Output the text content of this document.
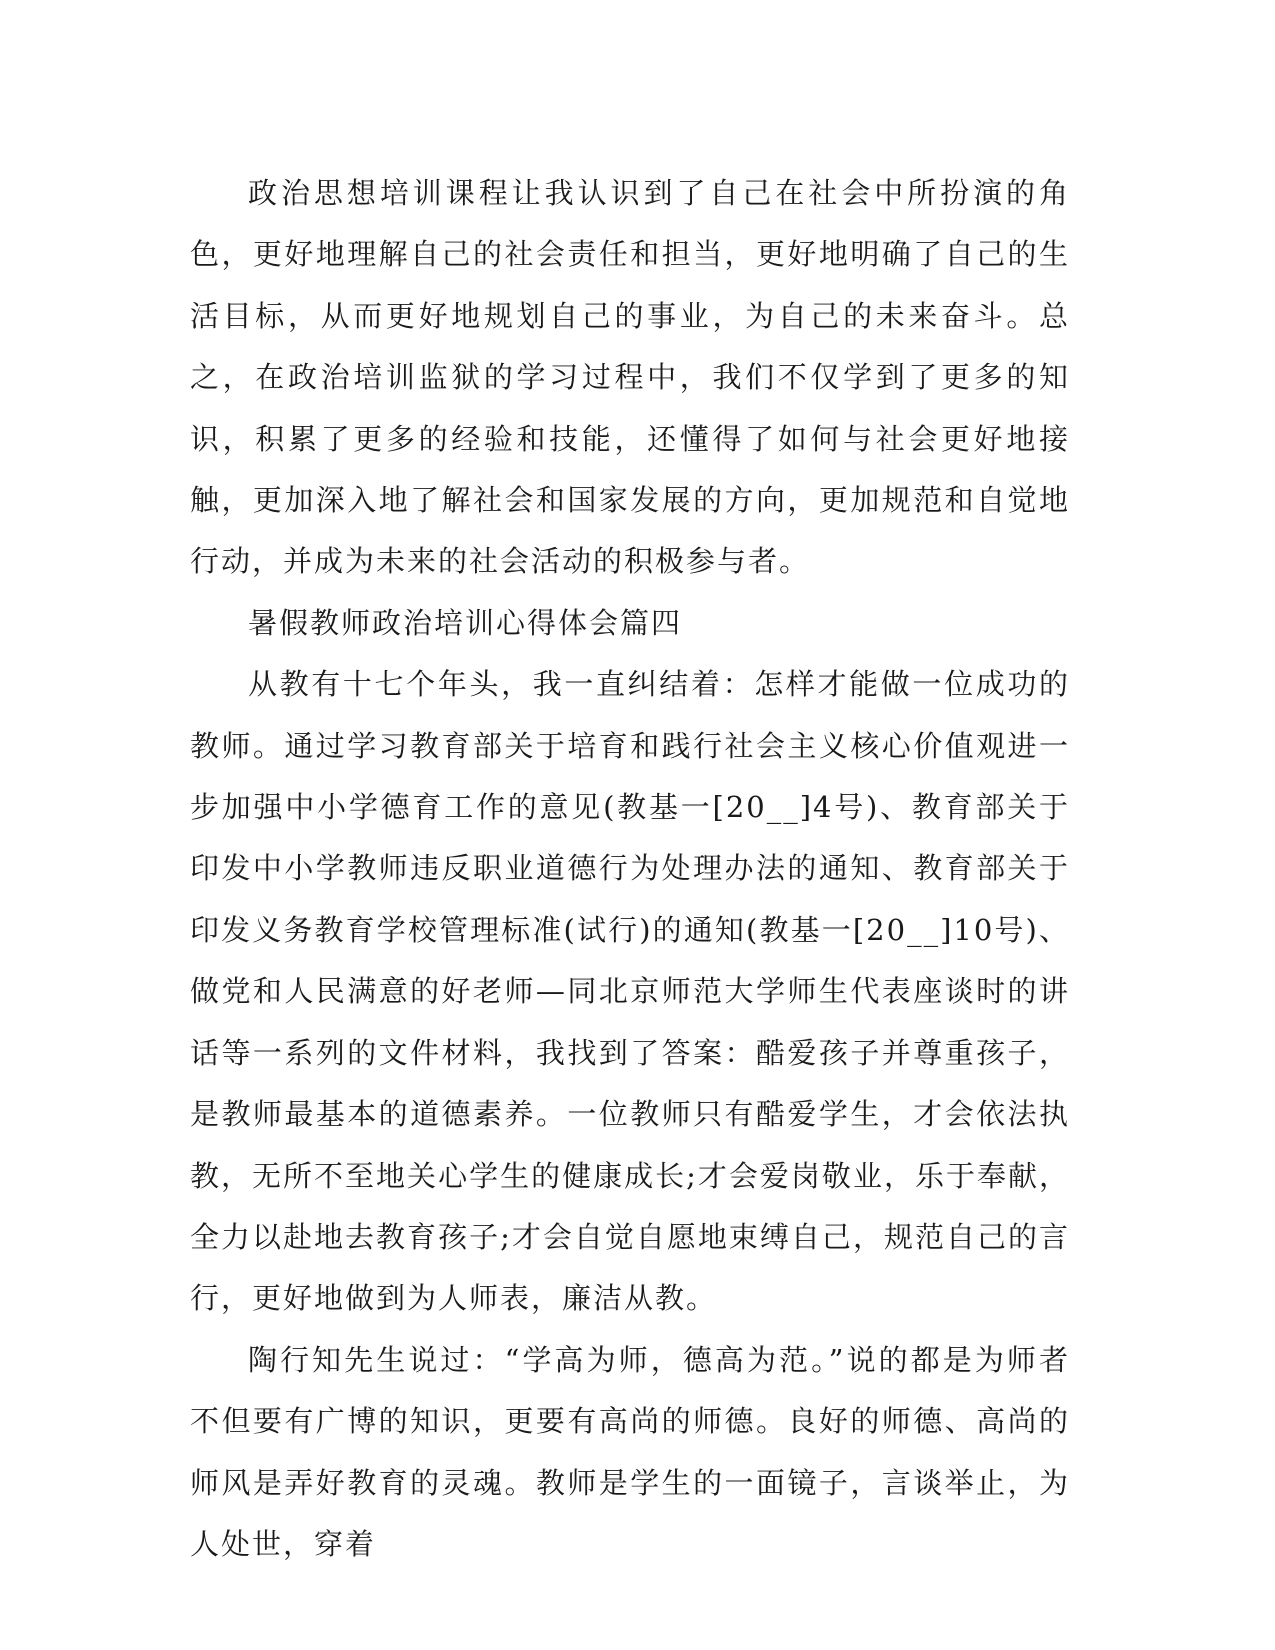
政治思想培训课程让我认识到了自己在社会中所扮演的角色，更好地理解自己的社会责任和担当，更好地明确了自己的生活目标，从而更好地规划自己的事业，为自己的未来奋斗。总之，在政治培训监狱的学习过程中，我们不仅学到了更多的知识，积累了更多的经验和技能，还懂得了如何与社会更好地接触，更加深入地了解社会和国家发展的方向，更加规范和自觉地行动，并成为未来的社会活动的积极参与者。

暑假教师政治培训心得体会篇四

从教有十七个年头，我一直纠结着：怎样才能做一位成功的教师。通过学习教育部关于培育和践行社会主义核心价值观进一步加强中小学德育工作的意见(教基一[20__]4号)、教育部关于印发中小学教师违反职业道德行为处理办法的通知、教育部关于印发义务教育学校管理标准(试行)的通知(教基一[20__]10号)、做党和人民满意的好老师—同北京师范大学师生代表座谈时的讲话等一系列的文件材料，我找到了答案：酷爱孩子并尊重孩子，是教师最基本的道德素养。一位教师只有酷爱学生，才会依法执教，无所不至地关心学生的健康成长;才会爱岗敬业，乐于奉献，全力以赴地去教育孩子;才会自觉自愿地束缚自己，规范自己的言行，更好地做到为人师表，廉洁从教。

陶行知先生说过：“学高为师，德高为范。”说的都是为师者不但要有广博的知识，更要有高尚的师德。良好的师德、高尚的师风是弄好教育的灵魂。教师是学生的一面镜子，言谈举止，为人处世，穿着
